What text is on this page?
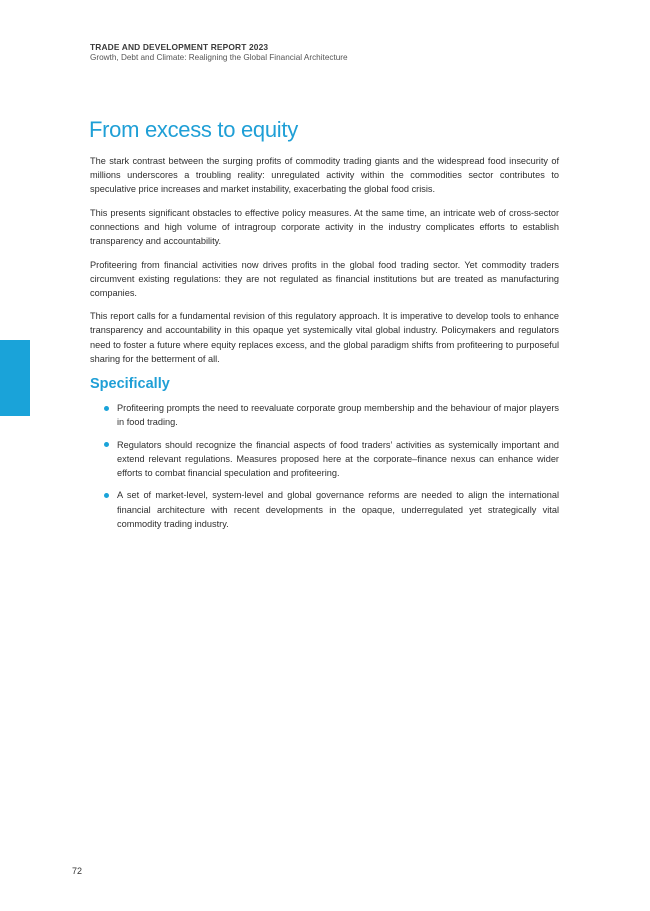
TRADE AND DEVELOPMENT REPORT 2023
Growth, Debt and Climate: Realigning the Global Financial Architecture
From excess to equity

The stark contrast between the surging profits of commodity trading giants and the widespread food insecurity of millions underscores a troubling reality: unregulated activity within the commodities sector contributes to speculative price increases and market instability, exacerbating the global food crisis.

This presents significant obstacles to effective policy measures. At the same time, an intricate web of cross-sector connections and high volume of intragroup corporate activity in the industry complicates efforts to establish transparency and accountability.

Profiteering from financial activities now drives profits in the global food trading sector. Yet commodity traders circumvent existing regulations: they are not regulated as financial institutions but are treated as manufacturing companies.

This report calls for a fundamental revision of this regulatory approach. It is imperative to develop tools to enhance transparency and accountability in this opaque yet systemically vital global industry. Policymakers and regulators need to foster a future where equity replaces excess, and the global paradigm shifts from profiteering to purposeful sharing for the betterment of all.

Specifically
Profiteering prompts the need to reevaluate corporate group membership and the behaviour of major players in food trading.
Regulators should recognize the financial aspects of food traders’ activities as systemically important and extend relevant regulations. Measures proposed here at the corporate–finance nexus can enhance wider efforts to combat financial speculation and profiteering.
A set of market-level, system-level and global governance reforms are needed to align the international financial architecture with recent developments in the opaque, underregulated yet strategically vital commodity trading industry.
72
